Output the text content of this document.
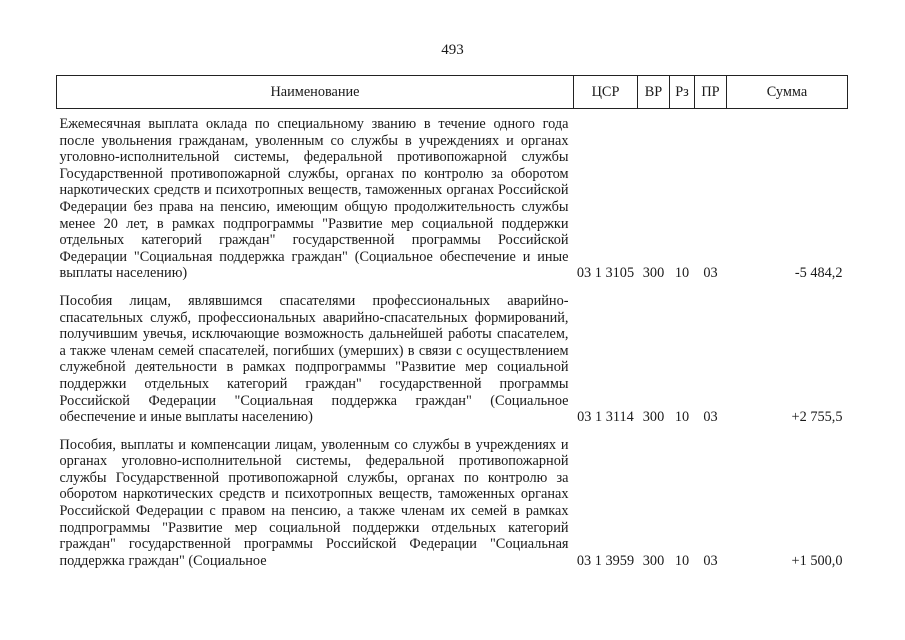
493
Наименование	ЦСР	ВР	Рз	ПР	Сумма
Ежемесячная выплата оклада по специальному званию в течение одного года после увольнения гражданам, уволенным со службы в учреждениях и органах уголовно-исполнительной системы, федеральной противопожарной службы Государственной противопожарной службы, органах по контролю за оборотом наркотических средств и психотропных веществ, таможенных органах Российской Федерации без права на пенсию, имеющим общую продолжительность службы менее 20 лет, в рамках подпрограммы "Развитие мер социальной поддержки отдельных категорий граждан" государственной программы Российской Федерации "Социальная поддержка граждан" (Социальное обеспечение и иные выплаты населению)	03 1 3105	300	10	03	-5 484,2
Пособия лицам, являвшимся спасателями профессиональных аварийно-спасательных служб, профессиональных аварийно-спасательных формирований, получившим увечья, исключающие возможность дальнейшей работы спасателем, а также членам семей спасателей, погибших (умерших) в связи с осуществлением служебной деятельности в рамках подпрограммы "Развитие мер социальной поддержки отдельных категорий граждан" государственной программы Российской Федерации "Социальная поддержка граждан" (Социальное обеспечение и иные выплаты населению)	03 1 3114	300	10	03	+2 755,5
Пособия, выплаты и компенсации лицам, уволенным со службы в учреждениях и органах уголовно-исполнительной системы, федеральной противопожарной службы Государственной противопожарной службы, органах по контролю за оборотом наркотических средств и психотропных веществ, таможенных органах Российской Федерации с правом на пенсию, а также членам их семей в рамках подпрограммы "Развитие мер социальной поддержки отдельных категорий граждан" государственной программы Российской Федерации "Социальная поддержка граждан" (Социальное	03 1 3959	300	10	03	+1 500,0
